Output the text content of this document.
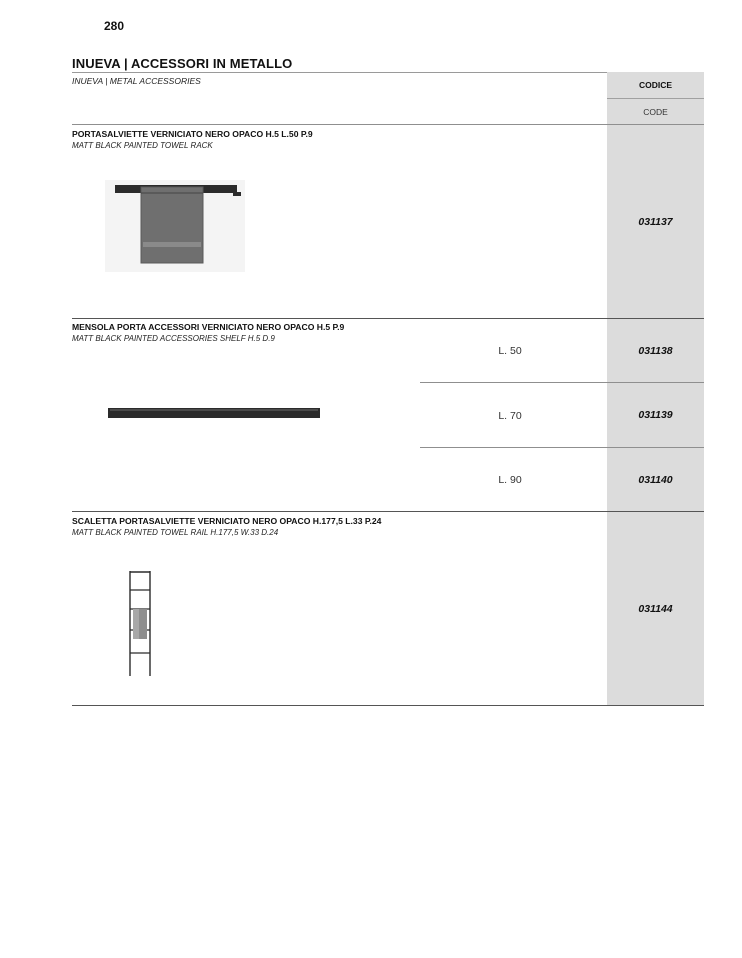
280
INUEVA | ACCESSORI IN METALLO
INUEVA | METAL ACCESSORIES	CODICE
CODE
PORTASALVIETTE VERNICIATO NERO OPACO H.5 L.50 P.9
MATT BLACK PAINTED TOWEL RACK
031137
MENSOLA PORTA ACCESSORI VERNICIATO NERO OPACO H.5 P.9
MATT BLACK PAINTED ACCESSORIES SHELF H.5 D.9
L. 50	031138
L. 70	031139
L. 90	031140
SCALETTA PORTASALVIETTE VERNICIATO NERO OPACO H.177,5 L.33 P.24
MATT BLACK PAINTED TOWEL RAIL H.177,5 W.33 D.24
031144
